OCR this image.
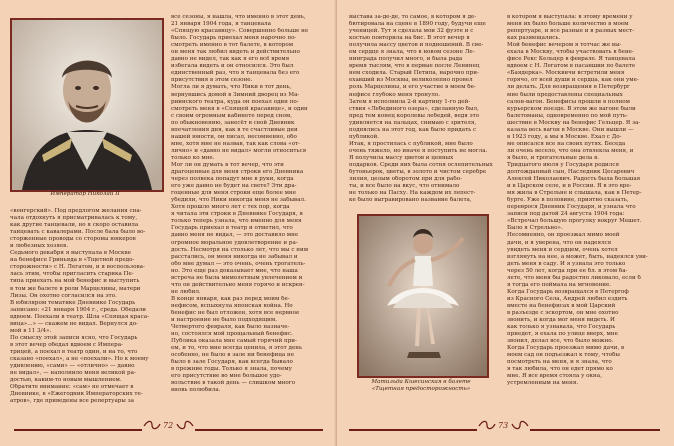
Император Николай II
«венгерский». Под предлогом желания сна-
чала отдохнуть я присматривалась к тому,
как другие танцевали, но я скоро оставила
танцевать с кавалерами. После бала было во-
сторженные проводы со стороны юнкеров
и любезных хозяев.
Седьмого декабря я выступала в Москве
на бенефисе Гриньяда в «Тщетной предо-
сторожности» с Н. Легатом, и я воспользова-
лась этим, чтобы пригласить старика Пе-
типа приехать на мой бенефис и выступить
в том же балете в роли Марцелины, матери
Лизы. Он охотно согласился на это.
В юбиляром тематике Дневнике Государь
записано: «21 января 1904 г., среда. Обедали
вдвоем. Поехали в театр. Шла «Спящая краса-
вица»...» — скажем не видал. Вернулся до-
мой в 11 3/4».
По смыслу этой записи ясно, что Государь
в этот вечер обедал вдвоем с Импера-
трицей, а поехал в театр один, и на то, что
сказано «поехал», а не «поехали». Но к моему
удивлению, «сами» — «отлично» — давно
не видал», — наполнило меня великой ра-
достью, каким-то новым мышлением.
Обратите внимание: «сам» не отмечает в
Дневнике, в «Ежегодник Императорских те-
атров», где приведены все репертуары за
все сезоны, я нашла, что именно в этот день,
21 января 1904 года, я танцевала
«Спящую красавицу». Совершенно больше не
было. Государь приехал меня нарочно по-
смотреть именно в тот балете, в котором
он меня так любил видеть и действительно
давно не видел, так как я его всё время
избегала видеть и он относился. Это был
единственный раз, что я танцевала без его
присутствия в этом сезоне.
Могла ли я думать, что Ники в тот день,
вернувшись домой в Зимний дворец из Ма-
риинского театра, куда он поехал один по-
смотреть меня в «Спящей красавице», и один
с своим огромным кабинете перед сном,
по обыкновению, занесёт в свой Дневник
впечатления дня, как в те счастливые дни
нашей юности, он писал, несомненно, обо
мне, хотя мне не назвав, так как слова «от-
лично» и «давно не видал» могли относиться
только ко мне.
Мог ли он думать в тот вечер, что эти
драгоценные для меня строки его Дневника
через полвека попадут мне в руки, когда
его уже давно не будет на свете? Эти дра-
гоценные для меня строки еще более мне
убедили, что Ники никогда меня не забывал.
Хотя прошло много лет с тех пор, когда
я читала эти строки в Дневнике Государя, я
только теперь узнала, что именно для меня
Государь приехал в театр и отметил, что
давно меня не видал, — это доставило мне
огромное моральное удовлетворение и ра-
дость. Несмотря на столько лет, что мы с ним
расстались, он меня никогда не забывал и
обо мне думал — это очень, очень трогатель-
но. Это еще раз доказывает мне, что наша
встреча не была мимолетным увлечением и
что он действительно меня горячо и искрен-
не любил.
В конце января, как раз перед моим бе-
нефисом, вспыхнула японская война. Но
бенефис не был отложен, хотя все нервное
и настроение не было подходящим.
Четвертого февраля, как было назначе-
но, состоялся мой прощальный бенефис.
Публика оказала мне самый горячий при-
ем, и то, что мне всегда ценила, я этот день
особенно, не было в зале ни бенефица не
было в зале Государя, как всегда бывало
в прежние годы. Только я знала, почему
его присутствие во мне большое удо-
вольствие в такой день — слишком много
вновь полюбила.
72
вы́става за-де-де, то самое, в котором я де-
бютировала на сцене в 1890 году, будучи еще
ученицей. Тут я сделала мои 32 фуэте и с
костью повторила на бис. В этот вечер я
получила массу цветов и подношений. В све-
ем сердце я знала, что в новом сезоне Ле-
нинграда получил много, и была рада
время тыслям, что в первые после Ленинец
нем сходила. Старый Петипа, нарочно при-
ехавший из Москвы, великолепно провел
роль Марцелины, и его участие в моем бе-
нефисе глубоко меня тронуло.
Затем я исполнила 2-й картину 1-го дей-
ствия «Лебединого озера», сделанную был,
пред тем конец королевы лебедей, ведя это
удивляется на пальцах, снимаю с зрителя,
поднялись на этот год, как было придать с
публикой.
Итак, я простилась с публикой, мне было
очень тяжело, но иначе я поступить не могла.
Я получила массу цветов и ценных
подарков. Среди них была сотня ослепительных
бутоньерок, цветы, в золото и чистом серебре
лилия, целым оборотом при для рабо-
ты, и все было на вкус, что отнимало
не только на Пасху. На каждом их лепест-
ке было выгравировано название балета,
Матильда Кшесинская в балете
«Тщетная предосторожность»
в котором я выступала: в этому времени у
меня их было больше количество в моем
репертуаре, и все разные и в разных мест-
ках размещались.
Мой бенефис вечером я тотчас же вы-
ехала в Москву, чтобы участвовать в бене-
фисе Рекс Кельцер в феврале. Я танцевала
вдвоем с Н. Легатом в пасаншии по балете
«Баядерка». Москвичи встретили меня
горячо, от всей души и сердца, как они уме-
ли делать. Для возвращения в Петербург
мне были предоставлены специальных
салон-вагон. Бенефисы прошли в полном
курьерском поезде. В этом же вагоне были
балетоманы, одновременно по мой путь-
шествие в Москву на бенефис Гельцер. Я за-
казала весь вагон в Москве. Они вышли —
в 1923 году, а мы в Москве. Ехал с До-
ме описался все на своих путях. Беседа
ли очень весело, что она отвлекла меня, и
я было, и трогательные дела в.
Тридцатого июля у Государя родился
долгожданный сын, Наследник Цесаревич
Алексей Николаевич. Радость была большая
и в Царском селе, и в России. Я в это вре-
мя жила в Стрельне и слышала, как в Петер-
бурге. Уже в половине, приятно сказать,
переврося Дневник Государя, и узнала что
записи под датой 24 августа 1904 года:
«Встречал большую прогулку вокруг Мешет.
Было я Стрельно».
Несомненно, он проезжал мимо моей
дачи, и я уверена, что он надеялся
увидеть меня и сердцем, очень хотел
взглянуть на нее, а может, быть, надеялся уви-
деть меня в саду. И я узнала это только
через 50 лет, когда при ее бл. в этом ба-
лете, что меня бы радостно ликовало, если б
я тогда его поймала на мгновение.
Когда Государь возвращался в Петергоф
из Красного Села, Андрей любил ездить
вместе на бенефисах в мой Царский
в разъезде с эскортом, он мне охотно
звонить, и когда мог меня видеть. И
как только я узнавала, что Государь
приедет, я ехала по улице вверх, мне
звонил, делал все, что было можно.
Когда Государь проезжал мимо дачи, в
моем сад он подъезжал к тому, чтобы
посмотреть на меня, и я знала, что
я так любила, что он едет прямо ко
мне. Я все время стояла у окна,
устремленным на меня.
73
